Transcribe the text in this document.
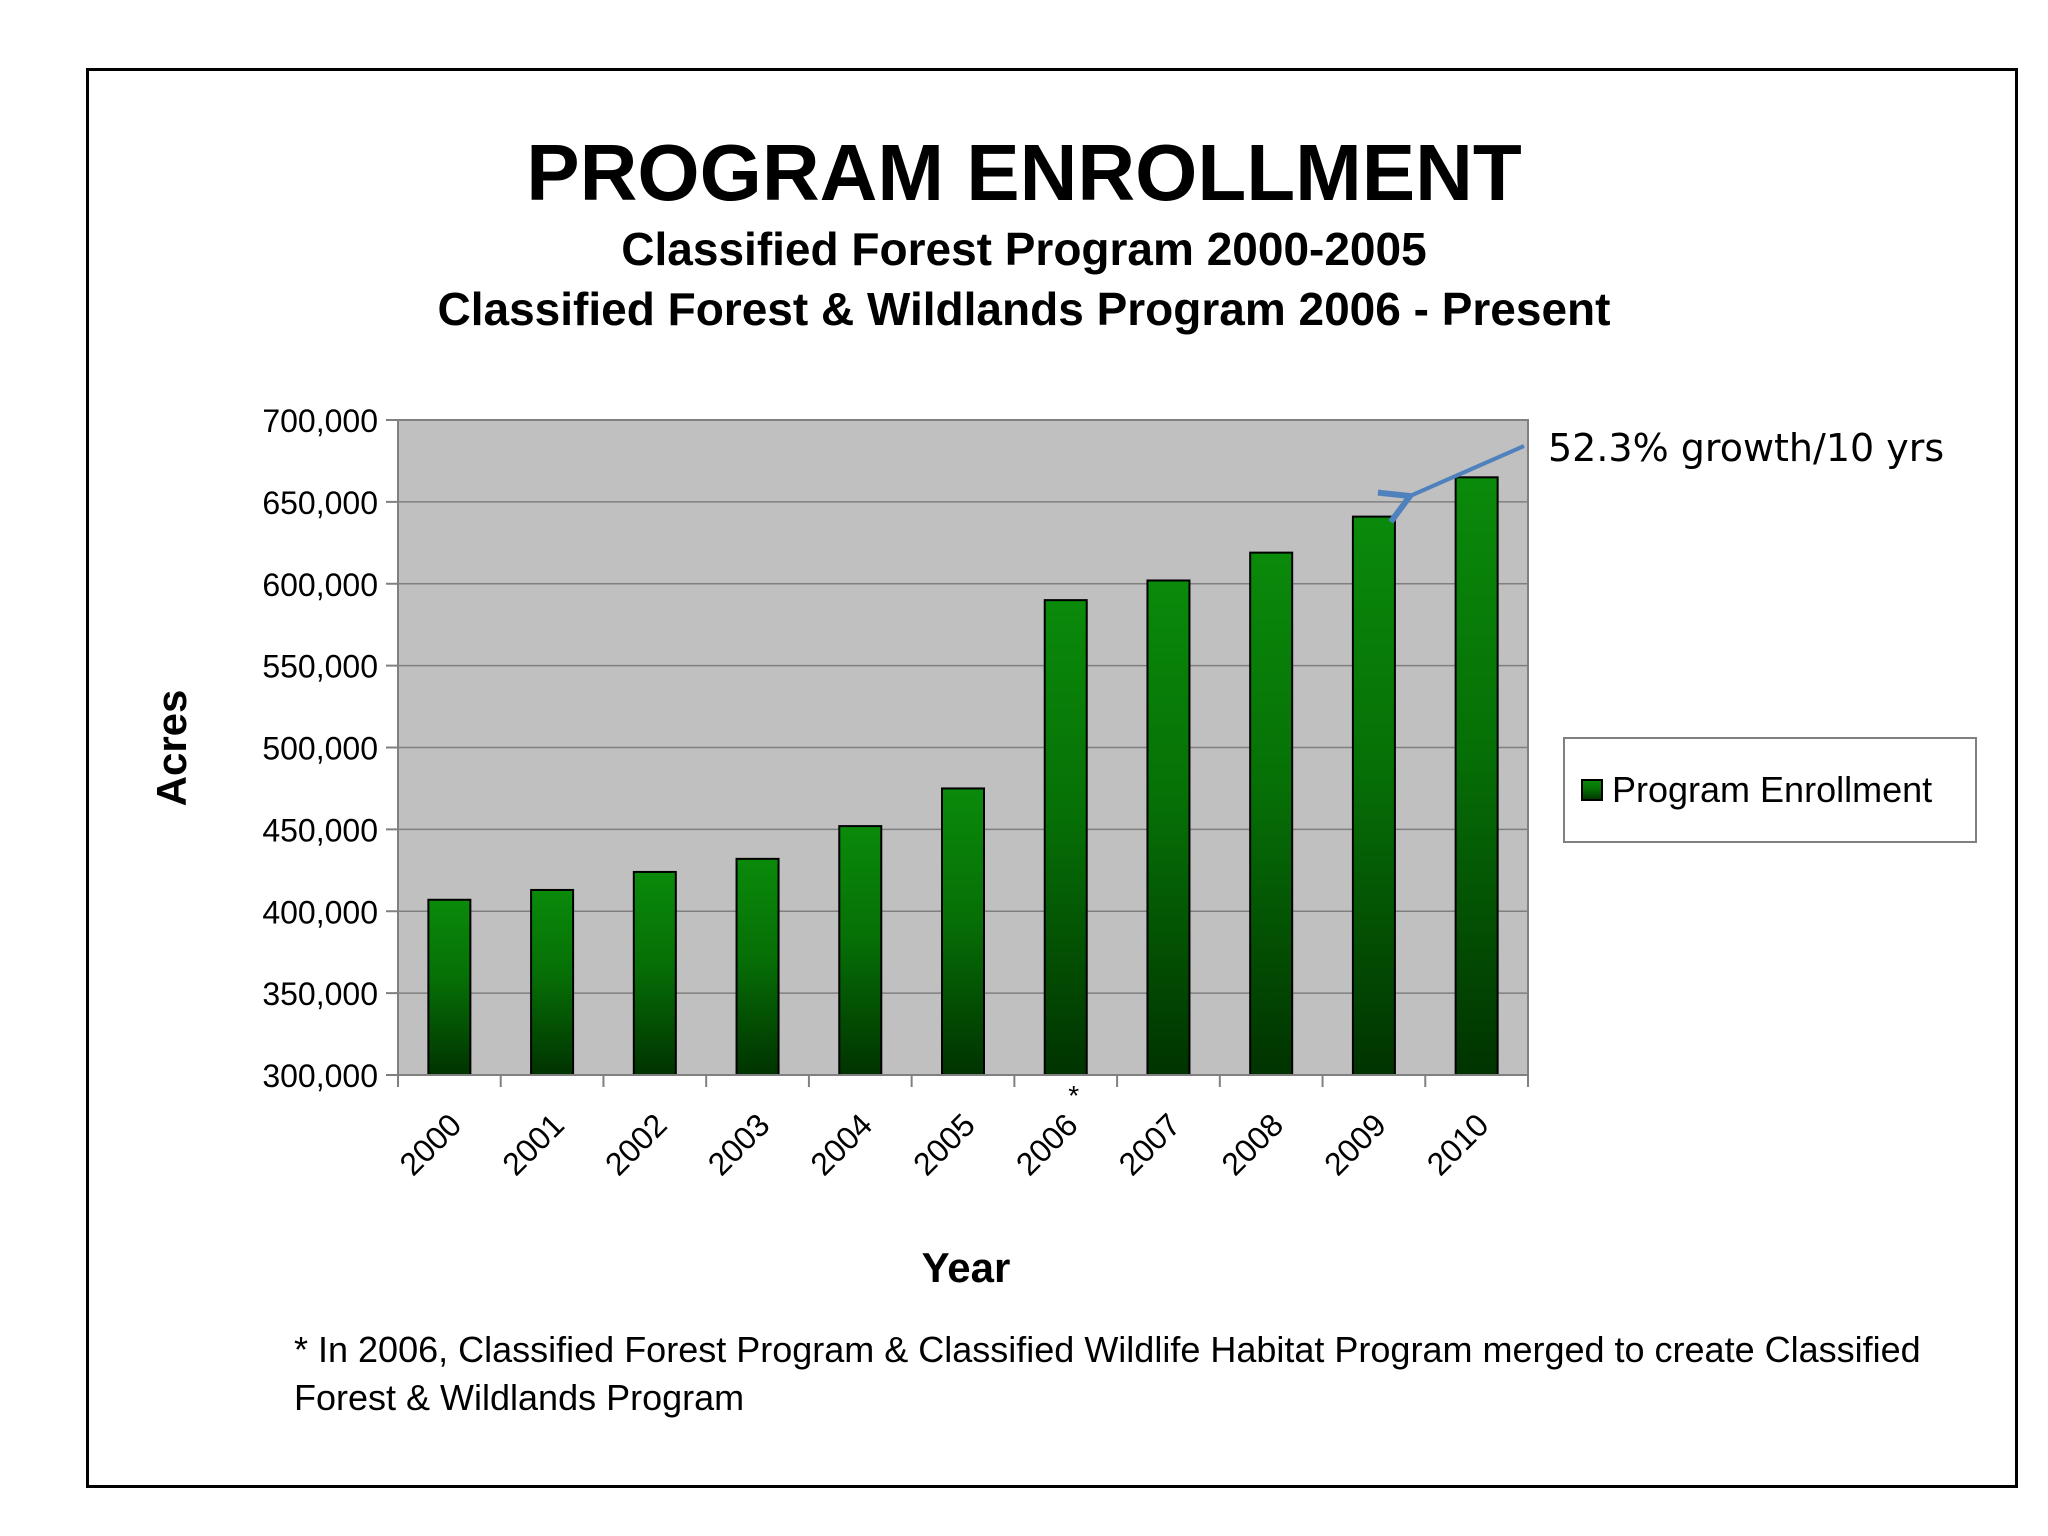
PROGRAM ENROLLMENT
Classified Forest Program 2000-2005
Classified Forest & Wildlands Program 2006 - Present
300,000
350,000
400,000
450,000
500,000
550,000
600,000
650,000
700,000
2000 2001 2002 2003 2004 2005 2006
*
2007 2008 2009 2010
Acres
Year
Program Enrollment
52.3% growth/10 yrs
* In 2006, Classified Forest Program & Classified Wildlife Habitat Program merged to create Classified Forest & Wildlands Program
